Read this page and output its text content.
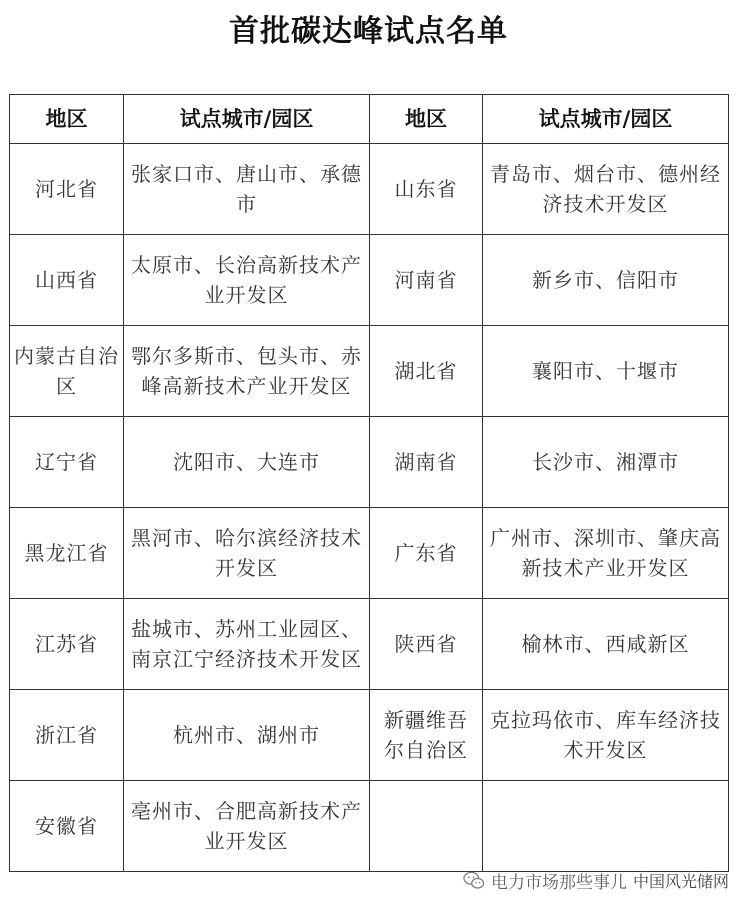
首批碳达峰试点名单
地区	试点城市/园区	地区	试点城市/园区
河北省	张家口市、唐山市、承德市	山东省	青岛市、烟台市、德州经济技术开发区
山西省	太原市、长治高新技术产业开发区	河南省	新乡市、信阳市
内蒙古自治区	鄂尔多斯市、包头市、赤峰高新技术产业开发区	湖北省	襄阳市、十堰市
辽宁省	沈阳市、大连市	湖南省	长沙市、湘潭市
黑龙江省	黑河市、哈尔滨经济技术开发区	广东省	广州市、深圳市、肇庆高新技术产业开发区
江苏省	盐城市、苏州工业园区、南京江宁经济技术开发区	陕西省	榆林市、西咸新区
浙江省	杭州市、湖州市	新疆维吾尔自治区	克拉玛依市、库车经济技术开发区
安徽省	亳州市、合肥高新技术产业开发区		
电力市场那些事儿 中国风光储网
